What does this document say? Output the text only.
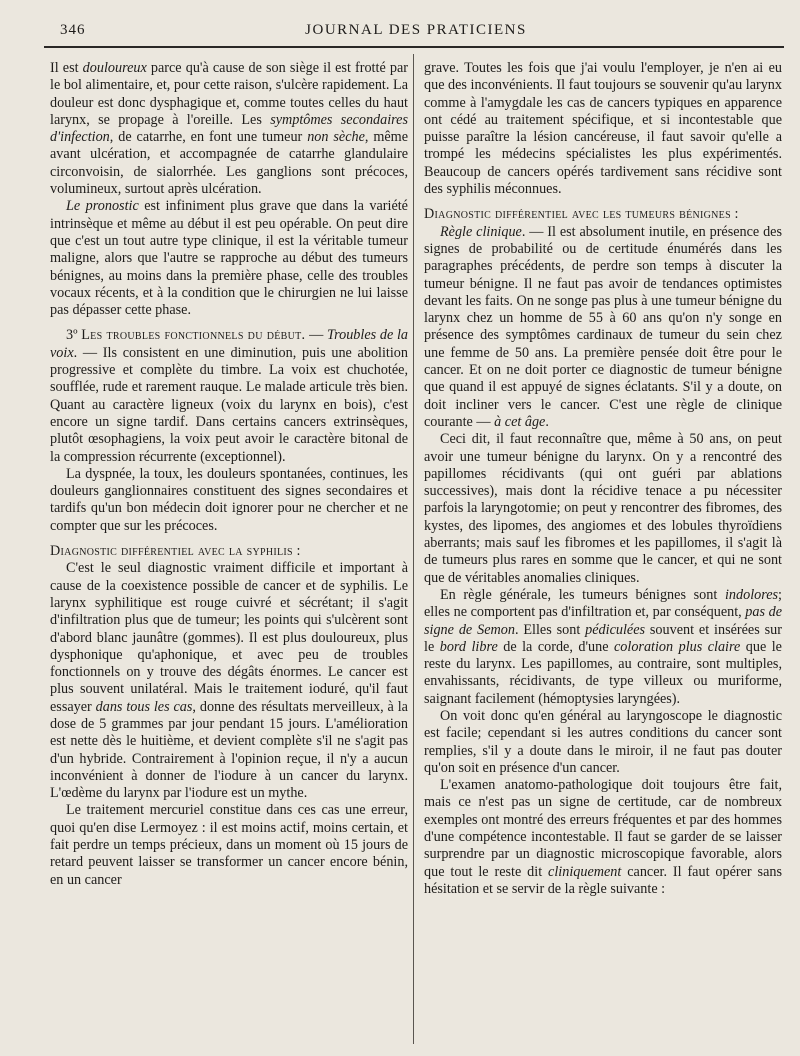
346	JOURNAL DES PRATICIENS

Il est douloureux parce qu'à cause de son siège il est frotté par le bol alimentaire, et, pour cette raison, s'ulcère rapidement. La douleur est donc dysphagique et, comme toutes celles du haut larynx, se propage à l'oreille. Les symptômes secondaires d'infection, de catarrhe, en font une tumeur non sèche, même avant ulcération, et accompagnée de catarrhe glandulaire circonvoisin, de sialorrhée. Les ganglions sont précoces, volumineux, surtout après ulcération.

Le pronostic est infiniment plus grave que dans la variété intrinsèque et même au début il est peu opérable. On peut dire que c'est un tout autre type clinique, il est la véritable tumeur maligne, alors que l'autre se rapproche au début des tumeurs bénignes, au moins dans la première phase, celle des troubles vocaux récents, et à la condition que le chirurgien ne lui laisse pas dépasser cette phase.

3º Les troubles fonctionnels du début. — Troubles de la voix. — Ils consistent en une diminution, puis une abolition progressive et complète du timbre. La voix est chuchotée, soufflée, rude et rarement rauque. Le malade articule très bien. Quant au caractère ligneux (voix du larynx en bois), c'est encore un signe tardif. Dans certains cancers extrinsèques, plutôt œsophagiens, la voix peut avoir le caractère bitonal de la compression récurrente (exceptionnel).

La dyspnée, la toux, les douleurs spontanées, continues, les douleurs ganglionnaires constituent des signes secondaires et tardifs qu'un bon médecin doit ignorer pour ne chercher et ne compter que sur les précoces.

Diagnostic différentiel avec la syphilis :

C'est le seul diagnostic vraiment difficile et important à cause de la coexistence possible de cancer et de syphilis. Le larynx syphilitique est rouge cuivré et sécrétant; il s'agit d'infiltration plus que de tumeur; les points qui s'ulcèrent sont d'abord blanc jaunâtre (gommes). Il est plus douloureux, plus dysphonique qu'aphonique, et avec peu de troubles fonctionnels on y trouve des dégâts énormes. Le cancer est plus souvent unilatéral. Mais le traitement ioduré, qu'il faut essayer dans tous les cas, donne des résultats merveilleux, à la dose de 5 grammes par jour pendant 15 jours. L'amélioration est nette dès le huitième, et devient complète s'il ne s'agit pas d'un hybride. Contrairement à l'opinion reçue, il n'y a aucun inconvénient à donner de l'iodure à un cancer du larynx. L'œdème du larynx par l'iodure est un mythe.

Le traitement mercuriel constitue dans ces cas une erreur, quoi qu'en dise Lermoyez : il est moins actif, moins certain, et fait perdre un temps précieux, dans un moment où 15 jours de retard peuvent laisser se transformer un cancer encore bénin, en un cancer

grave. Toutes les fois que j'ai voulu l'employer, je n'en ai eu que des inconvénients. Il faut toujours se souvenir qu'au larynx comme à l'amygdale les cas de cancers typiques en apparence ont cédé au traitement spécifique, et si incontestable que puisse paraître la lésion cancéreuse, il faut savoir qu'elle a trompé les médecins spécialistes les plus expérimentés. Beaucoup de cancers opérés tardivement sans récidive sont des syphilis méconnues.

Diagnostic différentiel avec les tumeurs bénignes :

Règle clinique. — Il est absolument inutile, en présence des signes de probabilité ou de certitude énumérés dans les paragraphes précédents, de perdre son temps à discuter la tumeur bénigne. Il ne faut pas avoir de tendances optimistes devant les faits. On ne songe pas plus à une tumeur bénigne du larynx chez un homme de 55 à 60 ans qu'on n'y songe en présence des symptômes cardinaux de tumeur du sein chez une femme de 50 ans. La première pensée doit être pour le cancer. Et on ne doit porter ce diagnostic de tumeur bénigne que quand il est appuyé de signes éclatants. S'il y a doute, on doit incliner vers le cancer. C'est une règle de clinique courante — à cet âge.

Ceci dit, il faut reconnaître que, même à 50 ans, on peut avoir une tumeur bénigne du larynx. On y a rencontré des papillomes récidivants (qui ont guéri par ablations successives), mais dont la récidive tenace a pu nécessiter parfois la laryngotomie; on peut y rencontrer des fibromes, des kystes, des lipomes, des angiomes et des lobules thyroïdiens aberrants; mais sauf les fibromes et les papillomes, il s'agit là de tumeurs plus rares en somme que le cancer, et qui ne sont que de véritables anomalies cliniques.

En règle générale, les tumeurs bénignes sont indolores; elles ne comportent pas d'infiltration et, par conséquent, pas de signe de Semon. Elles sont pédiculées souvent et insérées sur le bord libre de la corde, d'une coloration plus claire que le reste du larynx. Les papillomes, au contraire, sont multiples, envahissants, récidivants, de type villeux ou muriforme, saignant facilement (hémoptysies laryngées).

On voit donc qu'en général au laryngoscope le diagnostic est facile; cependant si les autres conditions du cancer sont remplies, s'il y a doute dans le miroir, il ne faut pas douter qu'on soit en présence d'un cancer.

L'examen anatomo-pathologique doit toujours être fait, mais ce n'est pas un signe de certitude, car de nombreux exemples ont montré des erreurs fréquentes et par des hommes d'une compétence incontestable. Il faut se garder de se laisser surprendre par un diagnostic microscopique favorable, alors que tout le reste dit cliniquement cancer. Il faut opérer sans hésitation et se servir de la règle suivante :
